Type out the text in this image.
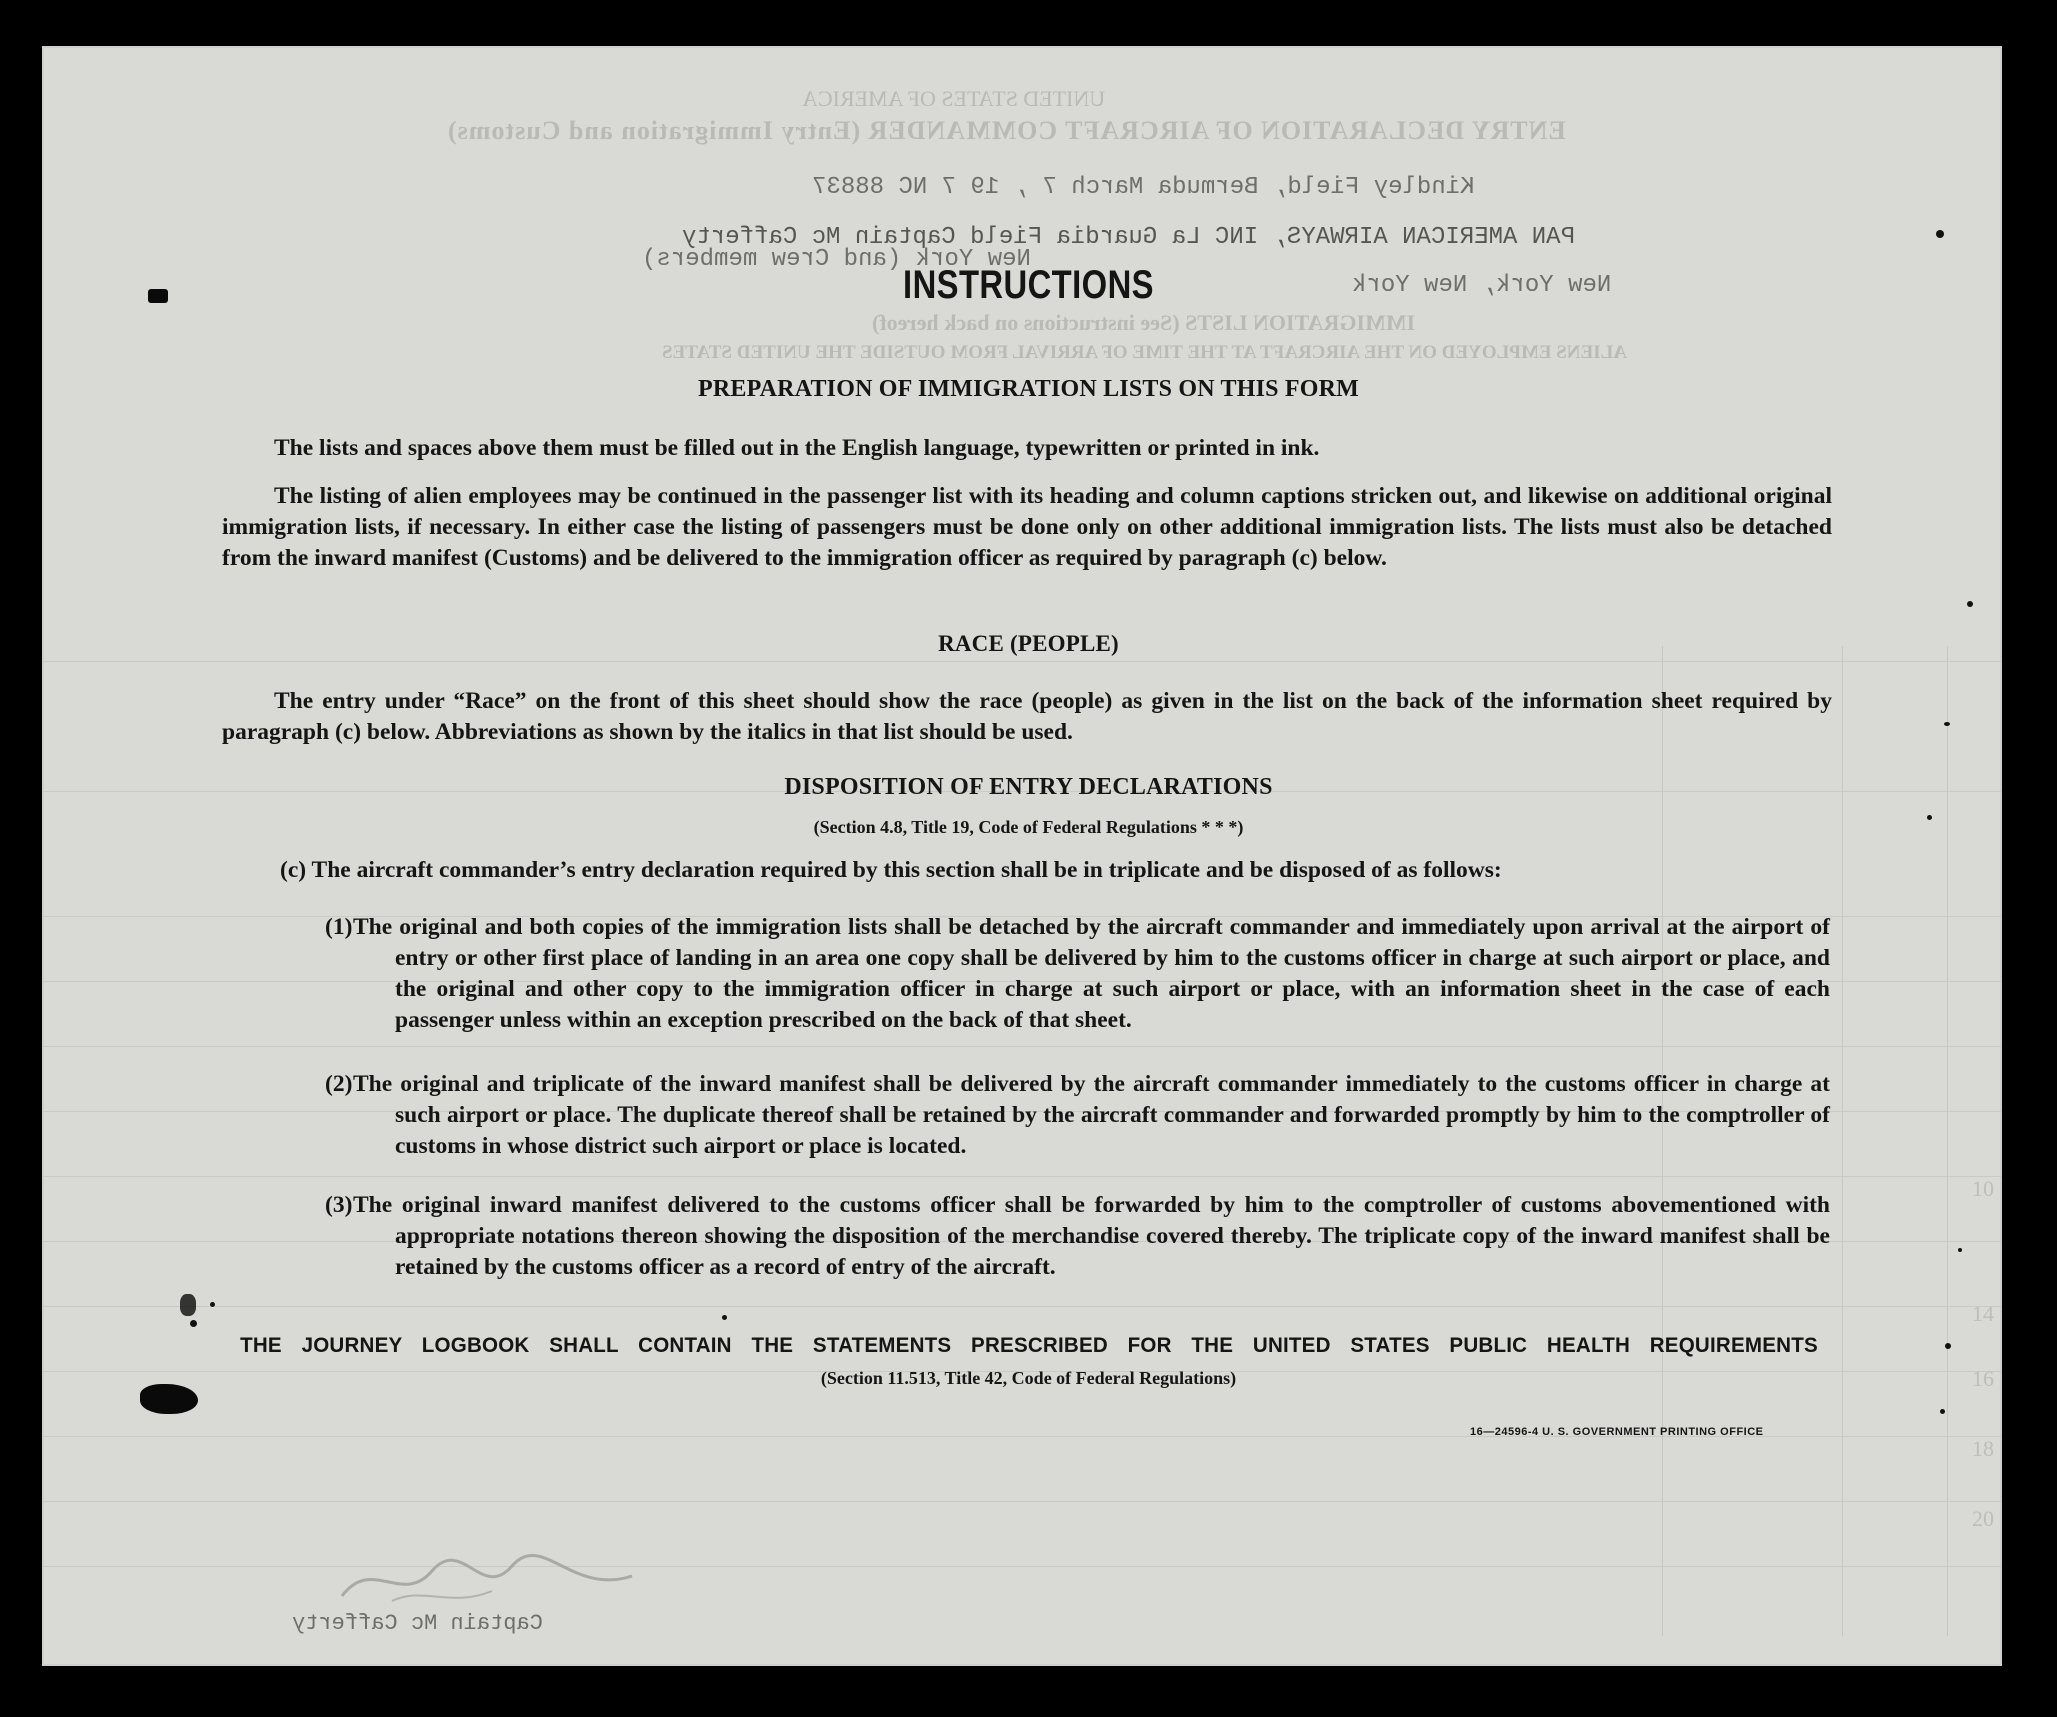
UNITED STATES OF AMERICA
ENTRY DECLARATION OF AIRCRAFT COMMANDER (Entry Immigration and Customs)
Kindley Field, Bermuda March 7 , 19 7 NC 88837
PAN AMERICAN AIRWAYS, INC La Guardia Field Captain Mc Cafferty
New York (and Crew members)
New York, New York
IMMIGRATION LISTS (See instructions on back hereof)
ALIENS EMPLOYED ON THE AIRCRAFT AT THE TIME OF ARRIVAL FROM OUTSIDE THE UNITED STATES
Captain Mc Cafferty
10
14
16
18
20
INSTRUCTIONS
PREPARATION OF IMMIGRATION LISTS ON THIS FORM
The lists and spaces above them must be filled out in the English language, typewritten or printed in ink.
The listing of alien employees may be continued in the passenger list with its heading and column captions stricken out, and likewise on additional original immigration lists, if necessary. In either case the listing of passengers must be done only on other additional immigration lists. The lists must also be detached from the inward manifest (Customs) and be delivered to the immigration officer as required by paragraph (c) below.
RACE (PEOPLE)
The entry under “Race” on the front of this sheet should show the race (people) as given in the list on the back of the information sheet required by paragraph (c) below. Abbreviations as shown by the italics in that list should be used.
DISPOSITION OF ENTRY DECLARATIONS
(Section 4.8, Title 19, Code of Federal Regulations * * *)
(c) The aircraft commander’s entry declaration required by this section shall be in triplicate and be disposed of as follows:
(1) The original and both copies of the immigration lists shall be detached by the aircraft commander and immediately upon arrival at the airport of entry or other first place of landing in an area one copy shall be delivered by him to the customs officer in charge at such airport or place, and the original and other copy to the immigration officer in charge at such airport or place, with an information sheet in the case of each passenger unless within an exception prescribed on the back of that sheet.
(2) The original and triplicate of the inward manifest shall be delivered by the aircraft commander immediately to the customs officer in charge at such airport or place. The duplicate thereof shall be retained by the aircraft commander and forwarded promptly by him to the comptroller of customs in whose district such airport or place is located.
(3) The original inward manifest delivered to the customs officer shall be forwarded by him to the comptroller of customs abovementioned with appropriate notations thereon showing the disposition of the merchandise covered thereby. The triplicate copy of the inward manifest shall be retained by the customs officer as a record of entry of the aircraft.
THE JOURNEY LOGBOOK SHALL CONTAIN THE STATEMENTS PRESCRIBED FOR THE UNITED STATES PUBLIC HEALTH REQUIREMENTS
(Section 11.513, Title 42, Code of Federal Regulations)
16—24596-4 U. S. GOVERNMENT PRINTING OFFICE
